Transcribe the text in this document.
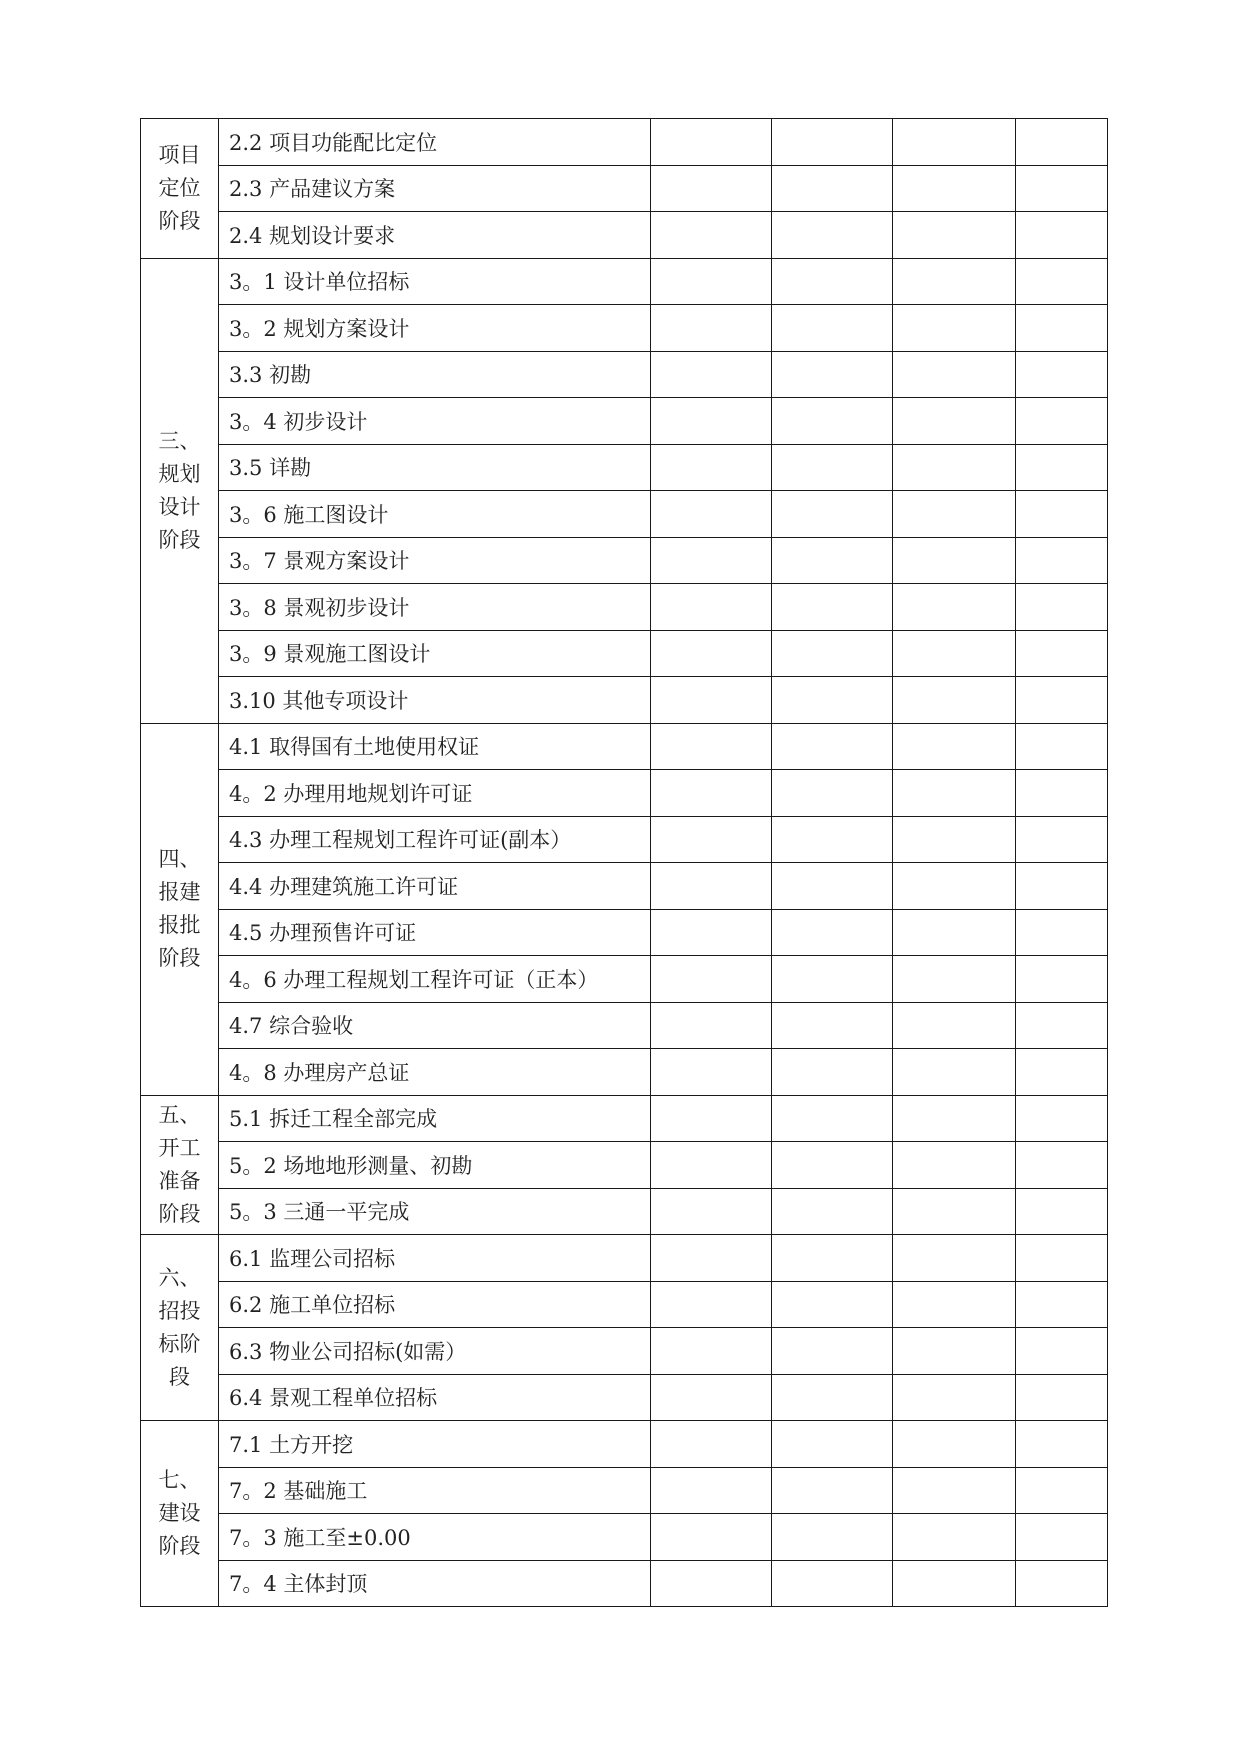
项目
定位
阶段	2.2 项目功能配比定位				
	2.3 产品建议方案				
	2.4 规划设计要求				

三、
规划
设计
阶段	3。1 设计单位招标				
	3。2 规划方案设计				
	3.3 初勘				
	3。4 初步设计				
	3.5 详勘				
	3。6 施工图设计				
	3。7 景观方案设计				
	3。8 景观初步设计				
	3。9 景观施工图设计				
	3.10 其他专项设计				

四、
报建
报批
阶段	4.1 取得国有土地使用权证				
	4。2 办理用地规划许可证				
	4.3 办理工程规划工程许可证(副本）				
	4.4 办理建筑施工许可证				
	4.5 办理预售许可证				
	4。6 办理工程规划工程许可证（正本）				
	4.7 综合验收				
	4。8 办理房产总证				

五、
开工
准备
阶段	5.1 拆迁工程全部完成				
	5。2 场地地形测量、初勘				
	5。3 三通一平完成				

六、
招投
标阶
段	6.1 监理公司招标				
	6.2 施工单位招标				
	6.3 物业公司招标(如需）				
	6.4 景观工程单位招标				

七、
建设
阶段	7.1 土方开挖				
	7。2 基础施工				
	7。3 施工至±0.00				
	7。4 主体封顶				
